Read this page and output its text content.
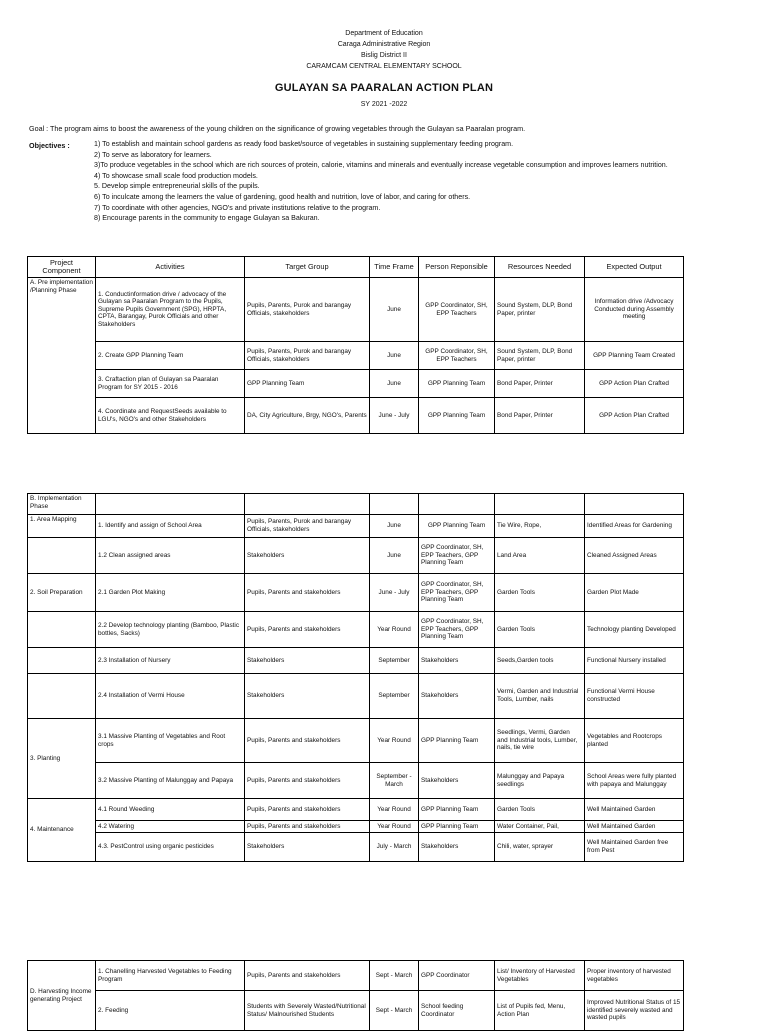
Department of Education
Caraga Administrative Region
Bislig District II
CARAMCAM CENTRAL ELEMENTARY SCHOOL
GULAYAN SA PAARALAN ACTION PLAN
SY 2021 -2022
Goal : The program aims to boost the awareness of the young children on the significance of growing vegetables through the Gulayan sa Paaralan program.
Objectives :	1) To establish and maintain school gardens as ready food basket/source of vegetables in sustaining supplementary feeding program.
2) To serve as laboratory for learners.
3)To produce vegetables in the school which are rich sources of protein, calorie, vitamins and minerals and eventually increase vegetable consumption and improves learners nutrition.
4) To showcase small scale food production models.
5. Develop simple entrepreneurial skills of the pupils.
6) To inculcate among the learners the value of gardening, good health and nutrition, love of labor, and caring for others.
7) To coordinate with other agencies, NGO's and private institutions relative to the program.
8) Encourage parents in the community to engage Gulayan sa Bakuran.
Project Component	Activities	Target Group	Time Frame	Person Reponsible	Resources Needed	Expected Output
A. Pre implementation /Planning Phase	1. Conductinformation drive / advocacy of the Gulayan sa Paaralan Program to the Pupils, Supreme Pupils Government (SPG), HRPTA, CPTA, Barangay, Purok Officials and other Stakeholders	Pupils, Parents, Purok and barangay Officials, stakeholders	June	GPP Coordinator, SH, EPP Teachers	Sound System, DLP, Bond Paper, printer	Information drive /Advocacy Conducted during Assembly meeting
	2. Create GPP Planning Team	Pupils, Parents, Purok and barangay Officials, stakeholders	June	GPP Coordinator, SH, EPP Teachers	Sound System, DLP, Bond Paper, printer	GPP Planning Team Created
	3. Craftaction plan of Gulayan sa Paaralan Program for SY 2015 - 2016	GPP Planning Team	June	GPP Planning Team	Bond Paper, Printer	GPP Action Plan Crafted
	4. Coordinate and RequestSeeds available to LGU's, NGO's and other Stakeholders	DA, City Agriculture, Brgy, NGO's, Parents	June - July	GPP Planning Team	Bond Paper, Printer	GPP Action Plan Crafted
B. Implementation Phase						
1. Area Mapping	1. Identify and assign of School Area	Pupils, Parents, Purok and barangay Officials, stakeholders	June	GPP Planning Team	Tie Wire, Rope,	Identified Areas for Gardening
	1.2 Clean assigned areas	Stakeholders	June	GPP Coordinator, SH, EPP Teachers, GPP Planning Team	Land Area	Cleaned Assigned Areas
2. Soil Preparation	2.1 Garden Plot Making	Pupils, Parents and stakeholders	June - July	GPP Coordinator, SH, EPP Teachers, GPP Planning Team	Garden Tools	Garden Plot Made
	2.2 Develop technology planting (Bamboo, Plastic bottles, Sacks)	Pupils, Parents and stakeholders	Year Round	GPP Coordinator, SH, EPP Teachers, GPP Planning Team	Garden Tools	Technology planting Developed
	2.3 Installation of Nursery	Stakeholders	September	Stakeholders	Seeds,Garden tools	Functional Nursery installed
	2.4 Installation of Vermi House	Stakeholders	September	Stakeholders	Vermi, Garden and Industrial Tools, Lumber, nails	Functional Vermi House constructed
3. Planting	3.1 Massive Planting of Vegetables and Root crops	Pupils, Parents and stakeholders	Year Round	GPP Planning Team	Seedlings, Vermi, Garden and Industrial tools, Lumber, nails, tie wire	Vegetables and Rootcrops planted
	3.2 Massive Planting of Malunggay and Papaya	Pupils, Parents and stakeholders	September - March	Stakeholders	Malunggay and Papaya seedlings	School Areas were fully planted with papaya and Malunggay
4. Maintenance	4.1 Round Weeding	Pupils, Parents and stakeholders	Year Round	GPP Planning Team	Garden Tools	Well Maintained Garden
	4.2 Watering	Pupils, Parents and stakeholders	Year Round	GPP Planning Team	Water Container, Pail,	Well Maintained Garden
	4.3. PestControl using organic pesticides	Stakeholders	July - March	Stakeholders	Chili, water, sprayer	Well Maintained Garden free from Pest
D. Harvesting Income generating Project	1. Chanelling Harvested Vegetables to Feeding Program	Pupils, Parents and stakeholders	Sept - March	GPP Coordinator	List/ Inventory of Harvested Vegetables	Proper inventory of harvested vegetables
	2. Feeding	Students with Severely Wasted/Nutritional Status/ Malnourished Students	Sept - March	School feeding Coordinator	List of Pupils fed, Menu, Action Plan	Improved Nutritional Status of 15 identified severely wasted and wasted pupils
